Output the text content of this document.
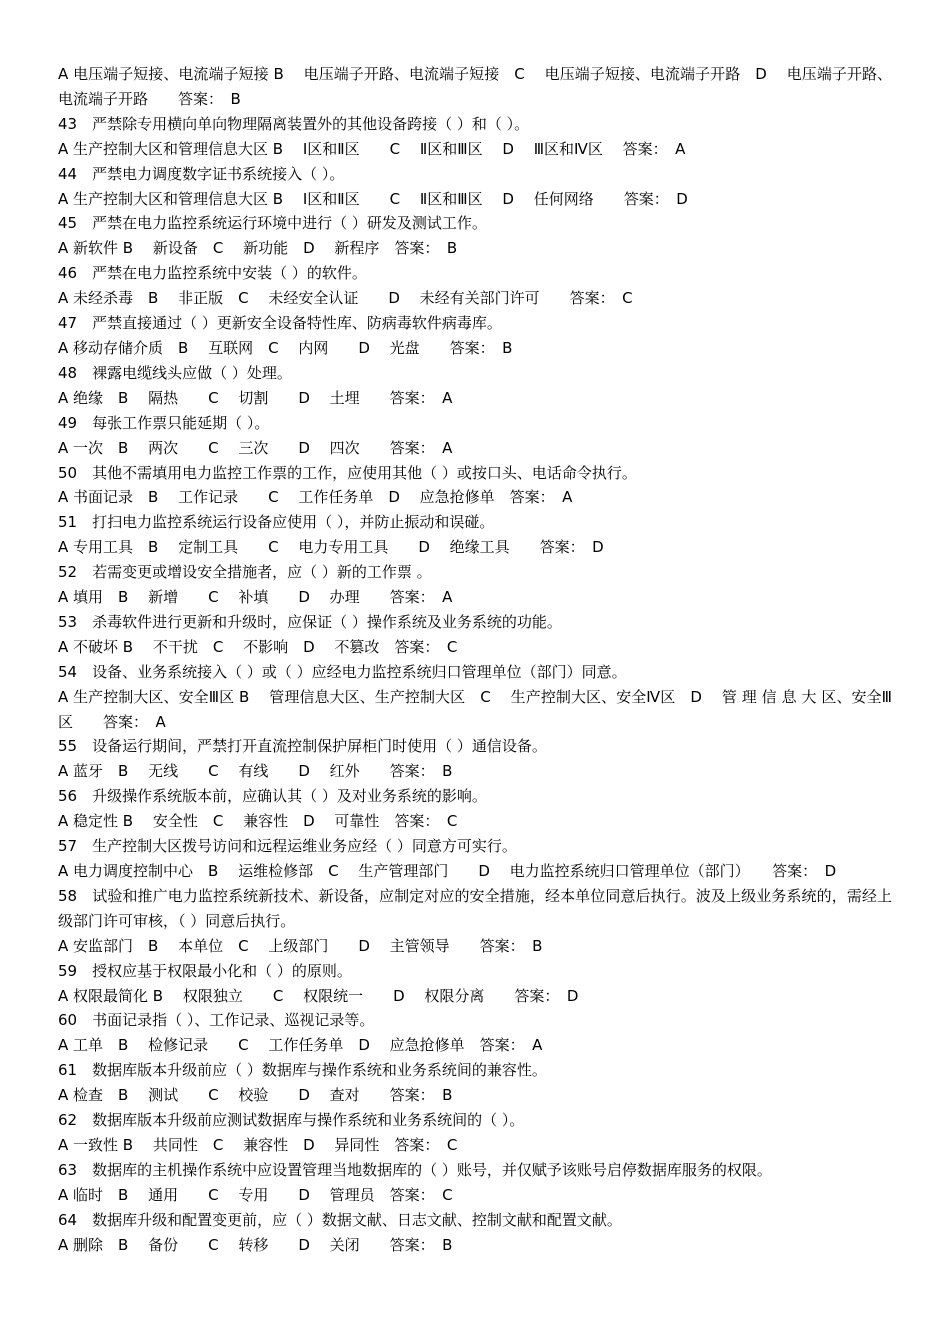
A 电压端子短接、电流端子短接 B　 电压端子开路、电流端子短接　C　 电压端子短接、电流端子开路　D　 电压端子开路、电流端子开路　　答案：　B
43　严禁除专用横向单向物理隔离装置外的其他设备跨接（ ）和（ ）。
A 生产控制大区和管理信息大区 B　 Ⅰ区和Ⅱ区　　C　 Ⅱ区和Ⅲ区　 D　 Ⅲ区和Ⅳ区　 答案：　A
44　严禁电力调度数字证书系统接入（ ）。
A 生产控制大区和管理信息大区 B　 Ⅰ区和Ⅱ区　　C　 Ⅱ区和Ⅲ区　 D　 任何网络　　答案：　D
45　严禁在电力监控系统运行环境中进行（ ）研发及测试工作。
A 新软件 B　 新设备　C　 新功能　D　 新程序　答案：　B
46　严禁在电力监控系统中安装（ ）的软件。
A 未经杀毒　B　 非正版　C　 未经安全认证　　D　 未经有关部门许可　　答案：　C
47　严禁直接通过（ ）更新安全设备特性库、防病毒软件病毒库。
A 移动存储介质　B　 互联网　C　 内网　　D　 光盘　　答案：　B
48　裸露电缆线头应做（ ）处理。
A 绝缘　B　 隔热　　C　 切割　　D　 土埋　　答案：　A
49　每张工作票只能延期（ ）。
A 一次　B　 两次　　C　 三次　　D　 四次　　答案：　A
50　其他不需填用电力监控工作票的工作，应使用其他（ ）或按口头、电话命令执行。
A 书面记录　B　 工作记录　　C　 工作任务单　D　 应急抢修单　答案：　A
51　打扫电力监控系统运行设备应使用（ ），并防止振动和误碰。
A 专用工具　B　 定制工具　　C　 电力专用工具　　D　 绝缘工具　　答案：　D
52　若需变更或增设安全措施者，应（ ）新的工作票 。
A 填用　B　 新增　　C　 补填　　D　 办理　　答案：　A
53　杀毒软件进行更新和升级时，应保证（ ）操作系统及业务系统的功能。
A 不破坏 B　 不干扰　C　 不影响　D　 不篡改　答案：　C
54　设备、业务系统接入（ ）或（ ）应经电力监控系统归口管理单位（部门）同意。
A 生产控制大区、安全Ⅲ区 B　 管理信息大区、生产控制大区　C　 生产控制大区、安全Ⅳ区　D　 管 理 信 息 大 区、安全Ⅲ区　　答案：　A
55　设备运行期间，严禁打开直流控制保护屏柜门时使用（ ）通信设备。
A 蓝牙　B　 无线　　C　 有线　　D　 红外　　答案：　B
56　升级操作系统版本前，应确认其（ ）及对业务系统的影响。
A 稳定性 B　 安全性　C　 兼容性　D　 可靠性　答案：　C
57　生产控制大区拨号访问和远程运维业务应经（ ）同意方可实行。
A 电力调度控制中心　B　 运维检修部　C　 生产管理部门　　D　 电力监控系统归口管理单位（部门）　　答案：　D
58　试验和推广电力监控系统新技术、新设备，应制定对应的安全措施，经本单位同意后执行。波及上级业务系统的，需经上级部门许可审核，（ ）同意后执行。
A 安监部门　B　 本单位　C　 上级部门　　D　 主管领导　　答案：　B
59　授权应基于权限最小化和（ ）的原则。
A 权限最简化 B　 权限独立　　C　 权限统一　　D　 权限分离　　答案：　D
60　书面记录指（ ）、工作记录、巡视记录等。
A 工单　B　 检修记录　　C　 工作任务单　D　 应急抢修单　答案：　A
61　数据库版本升级前应（ ）数据库与操作系统和业务系统间的兼容性。
A 检查　B　 测试　　C　 校验　　D　 查对　　答案：　B
62　数据库版本升级前应测试数据库与操作系统和业务系统间的（ ）。
A 一致性 B　 共同性　C　 兼容性　D　 异同性　答案：　C
63　数据库的主机操作系统中应设置管理当地数据库的（ ）账号，并仅赋予该账号启停数据库服务的权限。
A 临时　B　 通用　　C　 专用　　D　 管理员　答案：　C
64　数据库升级和配置变更前，应（ ）数据文献、日志文献、控制文献和配置文献。
A 删除　B　 备份　　C　 转移　　D　 关闭　　答案：　B
